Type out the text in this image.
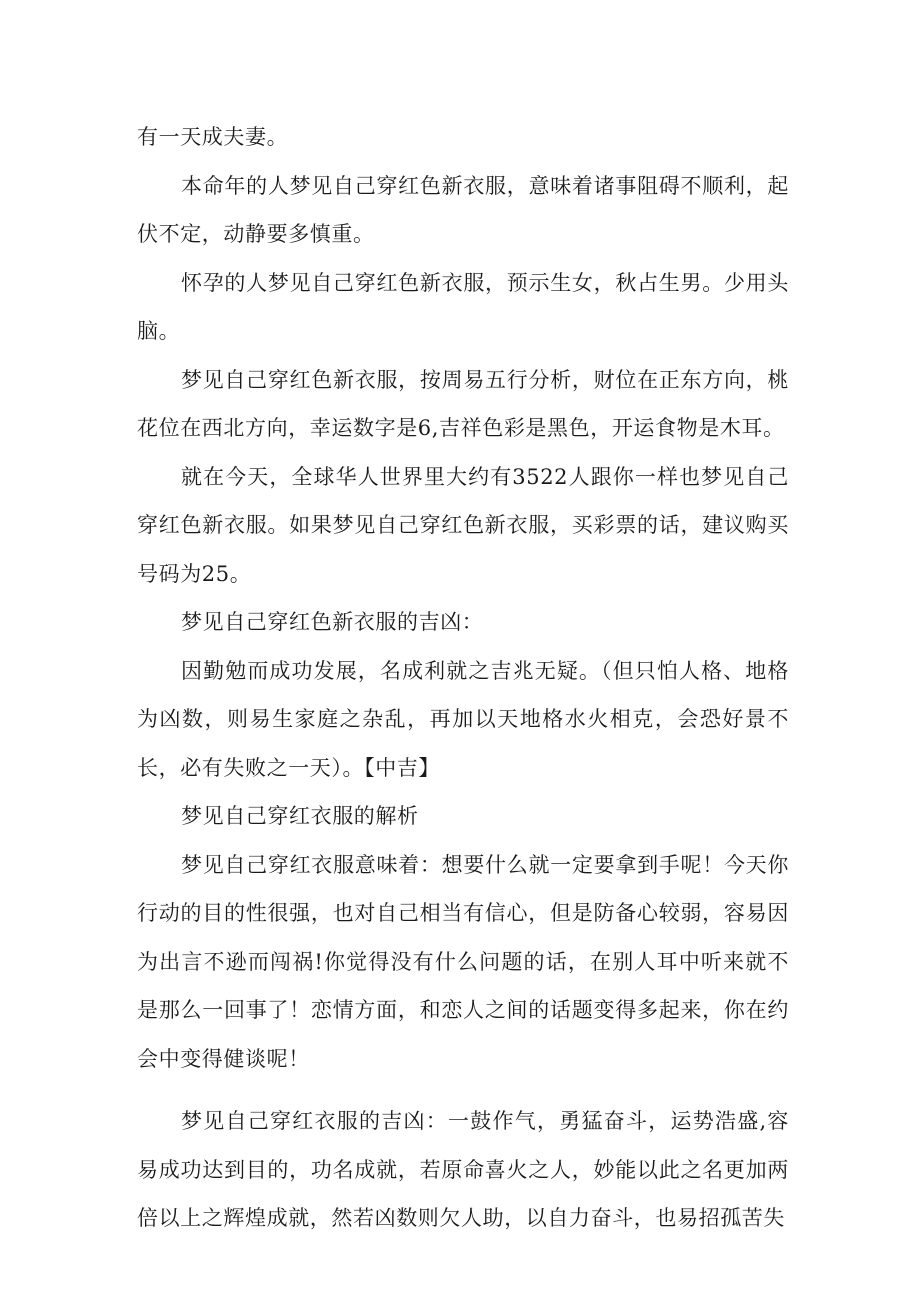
有一天成夫妻。

本命年的人梦见自己穿红色新衣服，意味着诸事阻碍不顺利，起伏不定，动静要多慎重。

怀孕的人梦见自己穿红色新衣服，预示生女，秋占生男。少用头脑。

梦见自己穿红色新衣服，按周易五行分析，财位在正东方向，桃花位在西北方向，幸运数字是6,吉祥色彩是黑色，开运食物是木耳。

就在今天，全球华人世界里大约有3522人跟你一样也梦见自己穿红色新衣服。如果梦见自己穿红色新衣服，买彩票的话，建议购买号码为25。

梦见自己穿红色新衣服的吉凶：

因勤勉而成功发展，名成利就之吉兆无疑。（但只怕人格、地格为凶数，则易生家庭之杂乱，再加以天地格水火相克，会恐好景不长，必有失败之一天）。【中吉】

梦见自己穿红衣服的解析

梦见自己穿红衣服意味着：想要什么就一定要拿到手呢！今天你行动的目的性很强，也对自己相当有信心，但是防备心较弱，容易因为出言不逊而闯祸!你觉得没有什么问题的话，在别人耳中听来就不是那么一回事了！恋情方面，和恋人之间的话题变得多起来，你在约会中变得健谈呢！

梦见自己穿红衣服的吉凶：一鼓作气，勇猛奋斗，运势浩盛,容易成功达到目的，功名成就，若原命喜火之人，妙能以此之名更加两倍以上之辉煌成就，然若凶数则欠人助，以自力奋斗，也易招孤苦失
